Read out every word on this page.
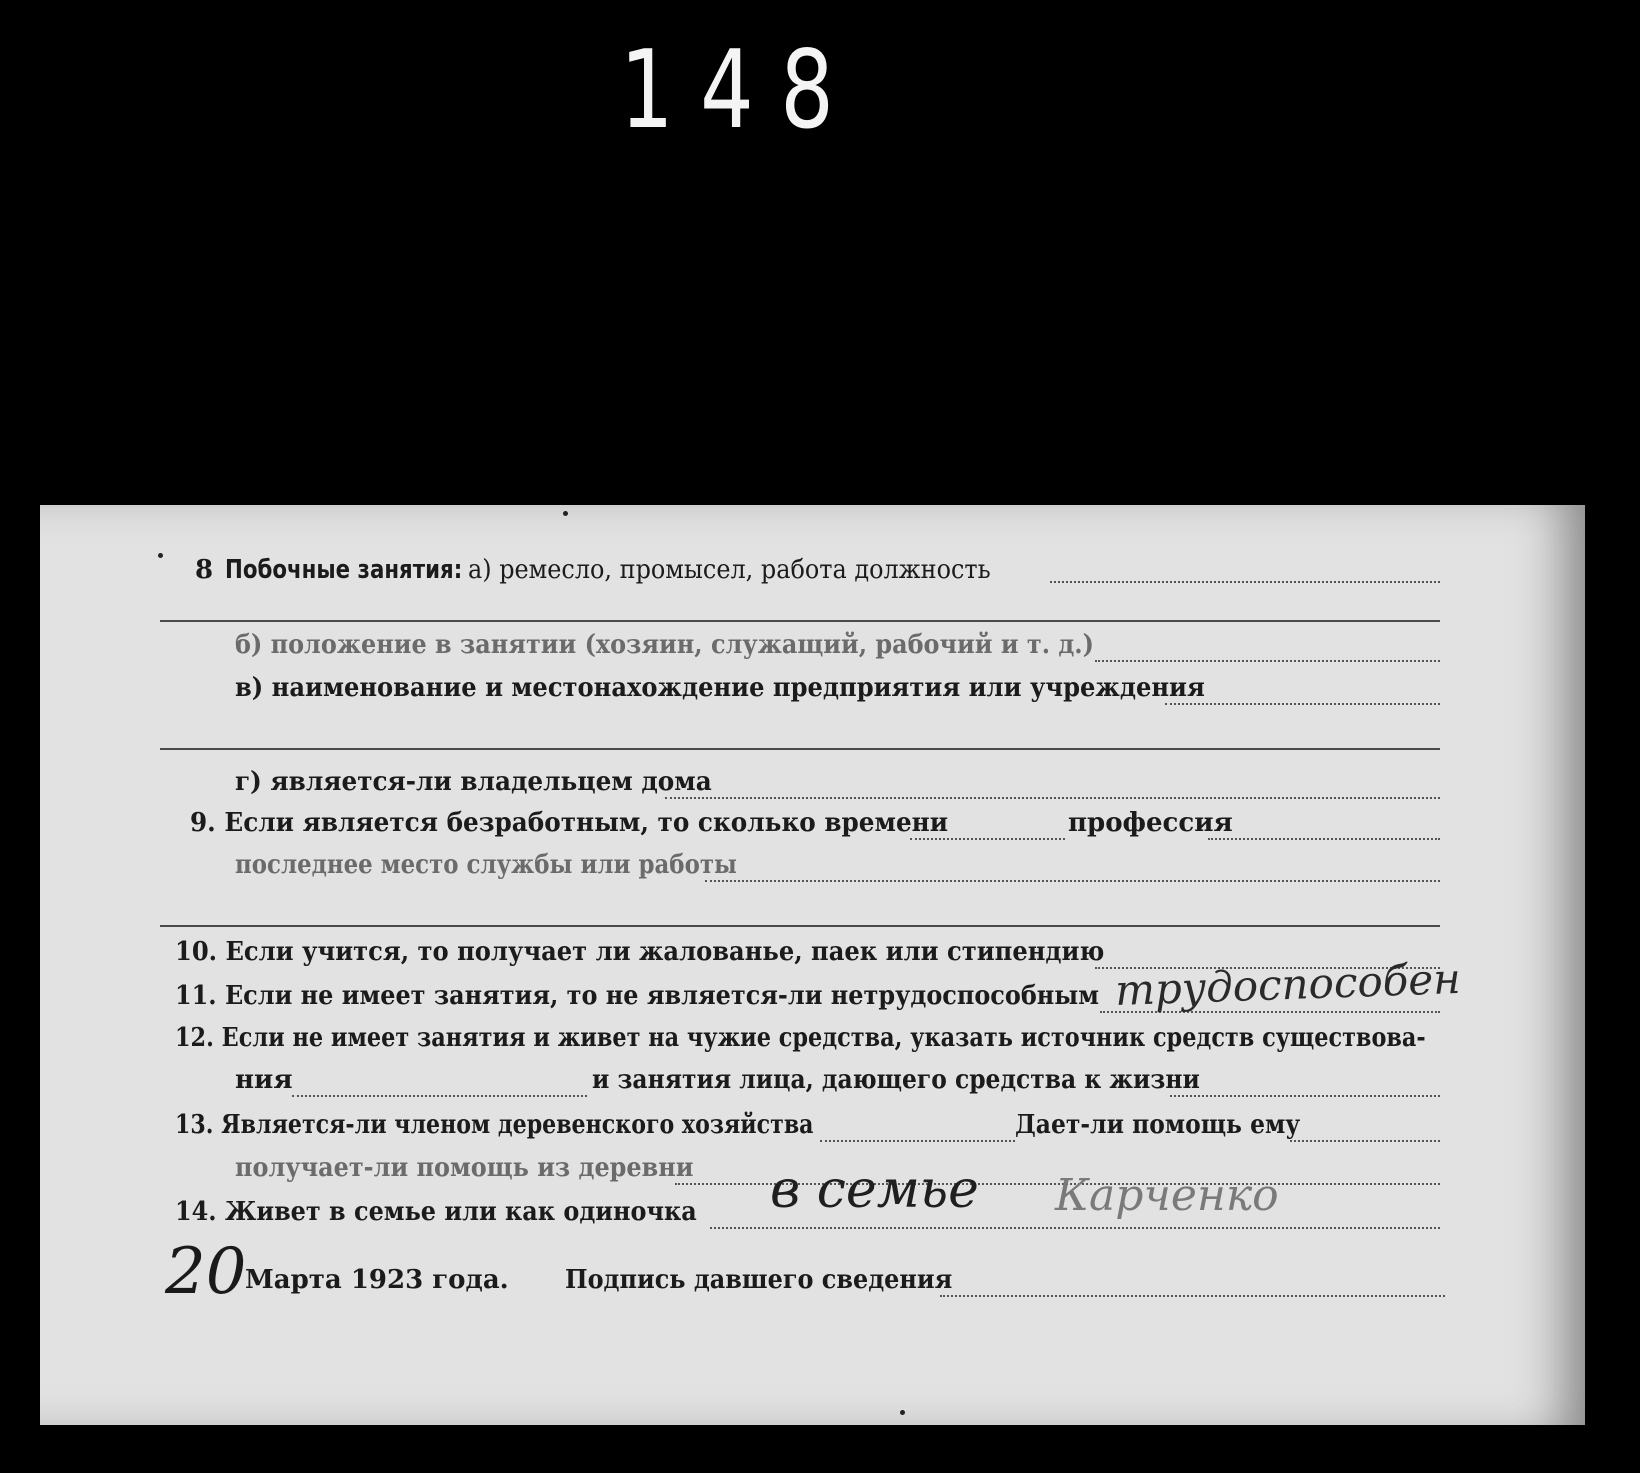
148
8 Побочные занятия: а) ремесло, промысел, работа должность
б) положение в занятии (хозяин, служащий, рабочий и т. д.)
в) наименование и местонахождение предприятия или учреждения
г) является-ли владельцем дома
9. Если является безработным, то сколько времени	профессия
последнее место службы или работы
10. Если учится, то получает ли жалованье, паек или стипендию
11. Если не имеет занятия, то не является-ли нетрудоспособным трудоспособен
12. Если не имеет занятия и живет на чужие средства, указать источник средств существова-
ния	и занятия лица, дающего средства к жизни
13. Является-ли членом деревенского хозяйства	Дает-ли помощь ему
получает-ли помощь из деревни
14. Живет в семье или как одиночка в семье Карченко
20
Марта 1923 года. Подпись давшего сведения
